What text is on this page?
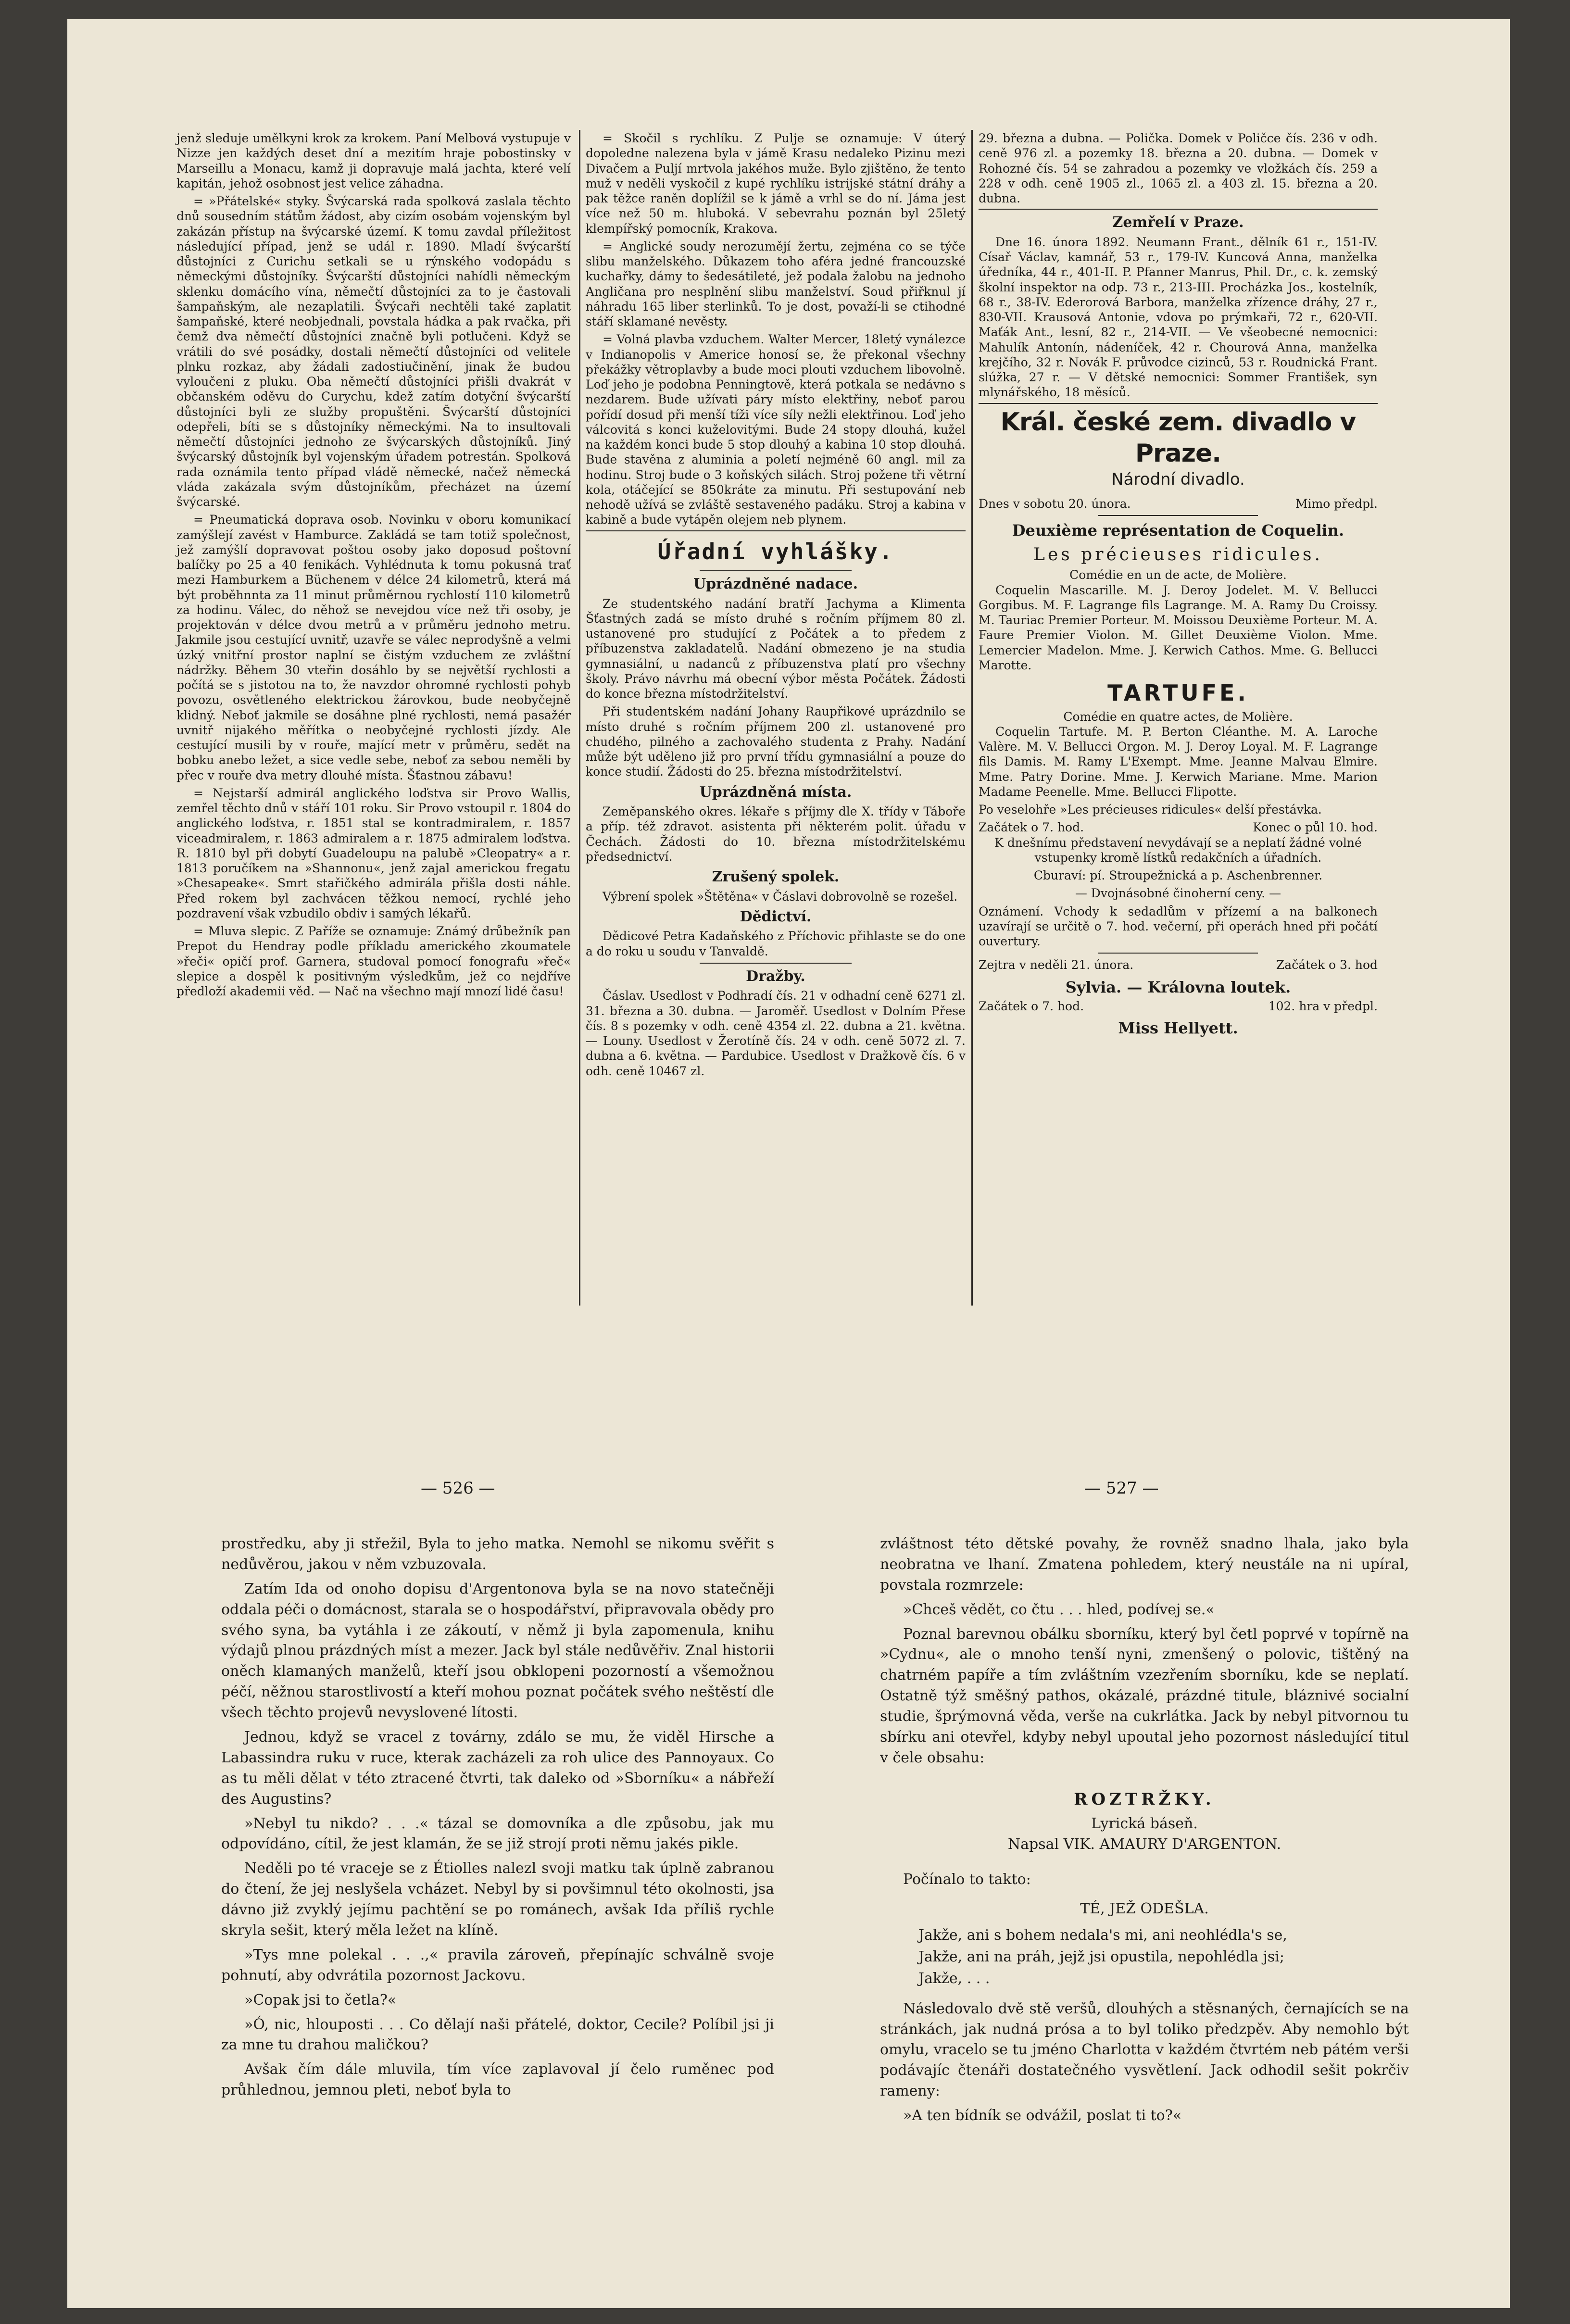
jenž sleduje umělkyni krok za krokem. Paní Melbová vystupuje v Nizze jen každých deset dní a mezitím hraje pobostinsky v Marseillu a Monacu, kamž ji dopravuje malá jachta, které velí kapitán, jehož osobnost jest velice záhadna.

= »Přátelské« styky. Švýcarská rada spolková zaslala těchto dnů sousedním státům žádost, aby cizím osobám vojenským byl zakázán přístup na švýcarské území. K tomu zavdal příležitost následující případ, jenž se udál r. 1890. Mladí švýcarští důstojníci z Curichu setkali se u rýnského vodopádu s německými důstojníky. Švýcarští důstojníci nahídli německým sklenku domácího vína, němečtí důstojníci za to je častovali šampaňským, ale nezaplatili. Švýcaři nechtěli také zaplatit šampaňské, které neobjednali, povstala hádka a pak rvačka, při čemž dva němečtí důstojníci značně byli potlučeni. Když se vrátili do své posádky, dostali němečtí důstojníci od velitele plnku rozkaz, aby žádali zadostiučinění, jinak že budou vyloučeni z pluku. Oba němečtí důstojníci přišli dvakrát v občanském oděvu do Curychu, kdež zatím dotyční švýcarští důstojníci byli ze služby propuštěni. Švýcarští důstojníci odepřeli, bíti se s důstojníky německými. Na to insultovali němečtí důstojníci jednoho ze švýcarských důstojníků. Jiný švýcarský důstojník byl vojenským úřadem potrestán. Spolková rada oznámila tento případ vládě německé, načež německá vláda zakázala svým důstojníkům, přecházet na území švýcarské.

= Pneumatická doprava osob. Novinku v oboru komunikací zamýšlejí zavést v Hamburce. Zakládá se tam totiž společnost, jež zamýšlí dopravovat poštou osoby jako doposud poštovní balíčky po 25 a 40 fenikách. Vyhlédnuta k tomu pokusná trať mezi Hamburkem a Büchenem v délce 24 kilometrů, která má být proběhnnta za 11 minut průměrnou rychlostí 110 kilometrů za hodinu. Válec, do něhož se nevejdou více než tři osoby, je projektován v délce dvou metrů a v průměru jednoho metru. Jakmile jsou cestující uvnitř, uzavře se válec neprodyšně a velmi úzký vnitřní prostor naplní se čistým vzduchem ze zvláštní nádržky. Během 30 vteřin dosáhlo by se největší rychlosti a počítá se s jistotou na to, že navzdor ohromné rychlosti pohyb povozu, osvětleného elektrickou žárovkou, bude neobyčejně klidný. Neboť jakmile se dosáhne plné rychlosti, nemá pasažér uvnitř nijakého měřítka o neobyčejné rychlosti jízdy. Ale cestující musili by v rouře, mající metr v průměru, sedět na bobku anebo ležet, a sice vedle sebe, neboť za sebou neměli by přec v rouře dva metry dlouhé místa. Šťastnou zábavu!

= Nejstarší admirál anglického loďstva sir Provo Wallis, zemřel těchto dnů v stáří 101 roku. Sir Provo vstoupil r. 1804 do anglického loďstva, r. 1851 stal se kontradmiralem, r. 1857 viceadmiralem, r. 1863 admiralem a r. 1875 admiralem loďstva. R. 1810 byl při dobytí Guadeloupu na palubě »Cleopatry« a r. 1813 poručíkem na »Shannonu«, jenž zajal americkou fregatu »Chesapeake«. Smrt stařičkého admirála přišla dosti náhle. Před rokem byl zachvácen těžkou nemocí, rychlé jeho pozdravení však vzbudilo obdiv i samých lékařů.

= Mluva slepic. Z Paříže se oznamuje: Známý drůbežník pan Prepot du Hendray podle příkladu amerického zkoumatele »řeči« opičí prof. Garnera, studoval pomocí fonografu »řeč« slepice a dospěl k positivným výsledkům, jež co nejdříve předloží akademii věd. — Nač na všechno mají mnozí lidé času!

= Skočil s rychlíku. Z Pulje se oznamuje: V úterý dopoledne nalezena byla v jámě Krasu nedaleko Pizinu mezi Divačem a Puljí mrtvola jakéhos muže. Bylo zjištěno, že tento muž v neděli vyskočil z kupé rychlíku istrijské státní dráhy a pak těžce raněn doplížil se k jámě a vrhl se do ní. Jáma jest více než 50 m. hluboká. V sebevrahu poznán byl 25letý klempířský pomocník, Krakova.

= Anglické soudy nerozumějí žertu, zejména co se týče slibu manželského. Důkazem toho aféra jedné francouzské kuchařky, dámy to šedesátileté, jež podala žalobu na jednoho Angličana pro nesplnění slibu manželství. Soud přiřknul jí náhradu 165 liber sterlinků. To je dost, považí-li se ctihodné stáří sklamané nevěsty.

= Volná plavba vzduchem. Walter Mercer, 18letý vynálezce v Indianopolis v Americe honosí se, že překonal všechny překážky větroplavby a bude moci plouti vzduchem libovolně. Loď jeho je podobna Penningtově, která potkala se nedávno s nezdarem. Bude užívati páry místo elektřiny, neboť parou pořídí dosud při menší tíži více síly nežli elektřinou. Loď jeho válcovitá s konci kuželovitými. Bude 24 stopy dlouhá, kužel na každém konci bude 5 stop dlouhý a kabina 10 stop dlouhá. Bude stavěna z aluminia a poletí nejméně 60 angl. mil za hodinu. Stroj bude o 3 koňských silách. Stroj požene tři větrní kola, otáčející se 850kráte za minutu. Při sestupování neb nehodě užívá se zvláště sestaveného padáku. Stroj a kabina v kabině a bude vytápěn olejem neb plynem.

Úřadní vyhlášky.
Uprázdněné nadace.

Ze studentského nadání bratří Jachyma a Klimenta Šťastných zadá se místo druhé s ročním příjmem 80 zl. ustanovené pro studující z Počátek a to předem z příbuzenstva zakladatelů. Nadání obmezeno je na studia gymnasiální, u nadanců z příbuzenstva platí pro všechny školy. Právo návrhu má obecní výbor města Počátek. Žádosti do konce března místodržitelství.

Při studentském nadání Johany Raupřikové uprázdnilo se místo druhé s ročním příjmem 200 zl. ustanovené pro chudého, pilného a zachovalého studenta z Prahy. Nadání může být uděleno již pro první třídu gymnasiální a pouze do konce studií. Žádosti do 25. března místodržitelství.

Uprázdněná místa.

Zeměpanského okres. lékaře s příjmy dle X. třídy v Táboře a příp. též zdravot. asistenta při některém polit. úřadu v Čechách. Žádosti do 10. března místodržitelskému předsednictví.

Zrušený spolek.

Výbrení spolek »Štětěna« v Čáslavi dobrovolně se rozešel.

Dědictví.

Dědicové Petra Kadaňského z Příchovic přihlaste se do one a do roku u soudu v Tanvaldě.

Dražby.

Čáslav. Usedlost v Podhradí čís. 21 v odhadní ceně 6271 zl. 31. března a 30. dubna. — Jaroměř. Usedlost v Dolním Přese čís. 8 s pozemky v odh. ceně 4354 zl. 22. dubna a 21. května. — Louny. Usedlost v Žerotíně čís. 24 v odh. ceně 5072 zl. 7. dubna a 6. května. — Pardubice. Usedlost v Dražkově čís. 6 v odh. ceně 10467 zl.

29. března a dubna. — Polička. Domek v Poličce čís. 236 v odh. ceně 976 zl. a pozemky 18. března a 20. dubna. — Domek v Rohozné čís. 54 se zahradou a pozemky ve vložkách čís. 259 a 228 v odh. ceně 1905 zl., 1065 zl. a 403 zl. 15. března a 20. dubna.

Zemřelí v Praze.

Dne 16. února 1892. Neumann Frant., dělník 61 r., 151-IV. Císař Václav, kamnář, 53 r., 179-IV. Kuncová Anna, manželka úředníka, 44 r., 401-II. P. Pfanner Manrus, Phil. Dr., c. k. zemský školní inspektor na odp. 73 r., 213-III. Procházka Jos., kostelník, 68 r., 38-IV. Ederorová Barbora, manželka zřízence dráhy, 27 r., 830-VII. Krausová Antonie, vdova po prýmkaři, 72 r., 620-VII. Maťák Ant., lesní, 82 r., 214-VII. — Ve všeobecné nemocnici: Mahulík Antonín, nádeníček, 42 r. Chourová Anna, manželka krejčího, 32 r. Novák F. průvodce cizinců, 53 r. Roudnická Frant. slúžka, 27 r. — V dětské nemocnici: Sommer František, syn mlynářského, 18 měsíců.

Král. české zem. divadlo v Praze.
Národní divadlo.
Dnes v sobotu 20. února.	Mimo předpl.
Deuxième représentation de Coquelin.
Les précieuses ridicules.
Comédie en un de acte, de Molière.

Coquelin Mascarille. M. J. Deroy Jodelet. M. V. Bellucci Gorgibus. M. F. Lagrange fils Lagrange. M. A. Ramy Du Croissy. M. Tauriac Premier Porteur. M. Moissou Deuxième Porteur. M. A. Faure Premier Violon. M. Gillet Deuxième Violon. Mme. Lemercier Madelon. Mme. J. Kerwich Cathos. Mme. G. Bellucci Marotte.

TARTUFE.
Comédie en quatre actes, de Molière.

Coquelin Tartufe. M. P. Berton Cléanthe. M. A. Laroche Valère. M. V. Bellucci Orgon. M. J. Deroy Loyal. M. F. Lagrange fils Damis. M. Ramy L'Exempt. Mme. Jeanne Malvau Elmire. Mme. Patry Dorine. Mme. J. Kerwich Mariane. Mme. Marion Madame Peenelle. Mme. Bellucci Flipotte.

Po veselohře »Les précieuses ridicules« delší přestávka.

Začátek o 7. hod.	Konec o půl 10. hod.

K dnešnímu představení nevydávají se a neplatí žádné volné vstupenky kromě lístků redakčních a úřadních.

Cburaví: pí. Stroupežnická a p. Aschenbrenner.

— Dvojnásobné činoherní ceny. —

Oznámení. Vchody k sedadlům v přízemí a na balkonech uzavírají se určitě o 7. hod. večerní, při operách hned při počátí ouvertury.

Zejtra v neděli 21. února.	Začátek o 3. hod
Sylvia. — Královna loutek.
Začátek o 7. hod.	102. hra v předpl.
Miss Hellyett.
— 526 —	— 527 —

prostředku, aby ji střežil, Byla to jeho matka. Nemohl se nikomu svěřit s nedůvěrou, jakou v něm vzbuzovala.

Zatím Ida od onoho dopisu d'Argentonova byla se na novo statečněji oddala péči o domácnost, starala se o hospodářství, připravovala obědy pro svého syna, ba vytáhla i ze zákoutí, v němž ji byla zapomenula, knihu výdajů plnou prázdných míst a mezer. Jack byl stále nedůvěřiv. Znal historii oněch klamaných manželů, kteří jsou obklopeni pozorností a všemožnou péčí, něžnou starostlivostí a kteří mohou poznat počátek svého neštěstí dle všech těchto projevů nevyslovené lítosti.

Jednou, když se vracel z továrny, zdálo se mu, že viděl Hirsche a Labassindra ruku v ruce, kterak zacházeli za roh ulice des Pannoyaux. Co as tu měli dělat v této ztracené čtvrti, tak daleko od »Sborníku« a nábřeží des Augustins?

»Nebyl tu nikdo? . . .« tázal se domovníka a dle způsobu, jak mu odpovídáno, cítil, že jest klamán, že se již strojí proti němu jakés pikle.

Neděli po té vraceje se z Étiolles nalezl svoji matku tak úplně zabranou do čtení, že jej neslyšela vcházet. Nebyl by si povšimnul této okolnosti, jsa dávno již zvyklý jejímu pachtění se po románech, avšak Ida příliš rychle skryla sešit, který měla ležet na klíně.

»Tys mne polekal . . .,« pravila zároveň, přepínajíc schválně svoje pohnutí, aby odvrátila pozornost Jackovu.

»Copak jsi to četla?«

»Ó, nic, hlouposti . . . Co dělají naši přátelé, doktor, Cecile? Políbil jsi ji za mne tu drahou maličkou?

Avšak čím dále mluvila, tím více zaplavoval jí čelo ruměnec pod průhlednou, jemnou pleti, neboť byla to

zvláštnost této dětské povahy, že rovněž snadno lhala, jako byla neobratna ve lhaní. Zmatena pohledem, který neustále na ni upíral, povstala rozmrzele:

»Chceš vědět, co čtu . . . hled, podívej se.«

Poznal barevnou obálku sborníku, který byl četl poprvé v topírně na »Cydnu«, ale o mnoho tenší nyni, zmenšený o polovic, tištěný na chatrném papíře a tím zvláštním vzezřením sborníku, kde se neplatí. Ostatně týž směšný pathos, okázalé, prázdné titule, bláznivé socialní studie, šprýmovná věda, verše na cukrlátka. Jack by nebyl pitvornou tu sbírku ani otevřel, kdyby nebyl upoutal jeho pozornost následující titul v čele obsahu:

ROZTRŽKY.
Lyrická báseň.
Napsal VIK. AMAURY D'ARGENTON.

Počínalo to takto:

TÉ, JEŽ ODEŠLA.

Jakže, ani s bohem nedala's mi, ani neohlédla's se,

Jakže, ani na práh, jejž jsi opustila, nepohlédla jsi;

Jakže, . . .

Následovalo dvě stě veršů, dlouhých a stěsnaných, černajících se na stránkách, jak nudná prósa a to byl toliko předzpěv. Aby nemohlo být omylu, vracelo se tu jméno Charlotta v každém čtvrtém neb pátém verši podávajíc čtenáři dostatečného vysvětlení. Jack odhodil sešit pokrčiv rameny:

»A ten bídník se odvážil, poslat ti to?«
